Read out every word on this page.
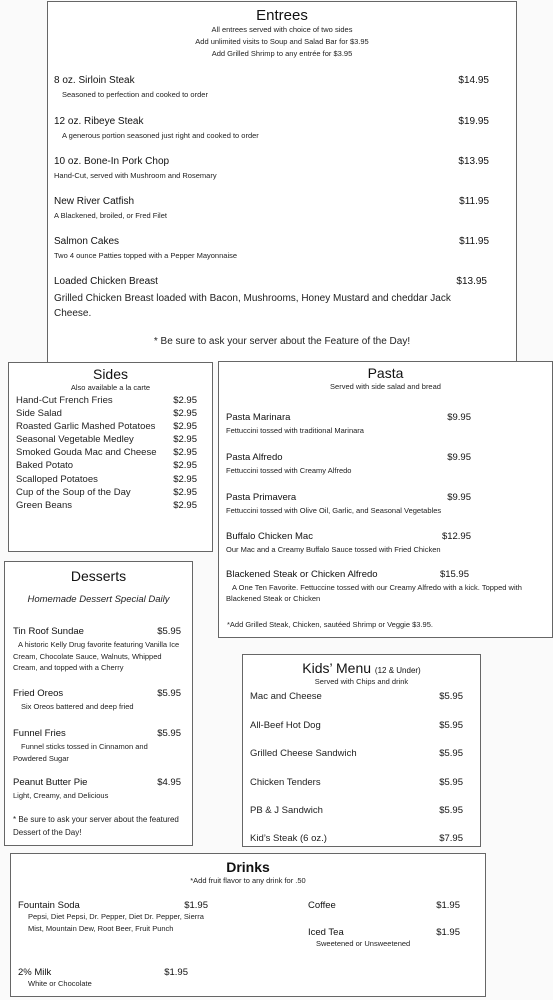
Entrees
All entrees served with choice of two sides
Add unlimited visits to Soup and Salad Bar for $3.95
Add Grilled Shrimp to any entrée for $3.95
8 oz. Sirloin Steak	$14.95
Seasoned to perfection and cooked to order
12 oz. Ribeye Steak	$19.95
A generous portion seasoned just right and cooked to order
10 oz. Bone-In Pork Chop	$13.95
Hand-Cut, served with Mushroom and Rosemary
New River Catfish	$11.95
A Blackened, broiled, or Fred Filet
Salmon Cakes	$11.95
Two 4 ounce Patties topped with a Pepper Mayonnaise
Loaded Chicken Breast	$13.95
Grilled Chicken Breast loaded with Bacon, Mushrooms, Honey Mustard and cheddar Jack Cheese.
* Be sure to ask your server about the Feature of the Day!
Sides
Also available a la carte
Hand-Cut French Fries	$2.95
Side Salad	$2.95
Roasted Garlic Mashed Potatoes $2.95
Seasonal Vegetable Medley	$2.95
Smoked Gouda Mac and Cheese $2.95
Baked Potato	$2.95
Scalloped Potatoes	$2.95
Cup of the Soup of the Day	$2.95
Green Beans	$2.95
Pasta
Served with side salad and bread
Pasta Marinara	$9.95
Fettuccini tossed with traditional Marinara
Pasta Alfredo	$9.95
Fettuccini tossed with Creamy Alfredo
Pasta Primavera	$9.95
Fettuccini tossed with Olive Oil, Garlic, and Seasonal Vegetables
Buffalo Chicken Mac	$12.95
Our Mac and a Creamy Buffalo Sauce tossed with Fried Chicken
Blackened Steak or Chicken Alfredo	$15.95
A One Ten Favorite. Fettuccine tossed with our Creamy Alfredo with a kick. Topped with Blackened Steak or Chicken
*Add Grilled Steak, Chicken, sautéed Shrimp or Veggie $3.95.
Desserts
Homemade Dessert Special Daily
Tin Roof Sundae	$5.95
A historic Kelly Drug favorite featuring Vanilla Ice Cream, Chocolate Sauce, Walnuts, Whipped Cream, and topped with a Cherry
Fried Oreos	$5.95
Six Oreos battered and deep fried
Funnel Fries	$5.95
Funnel sticks tossed in Cinnamon and Powdered Sugar
Peanut Butter Pie	$4.95
Light, Creamy, and Delicious
* Be sure to ask your server about the featured Dessert of the Day!
Kids’ Menu (12 & Under)
Served with Chips and drink
Mac and Cheese	$5.95
All-Beef Hot Dog	$5.95
Grilled Cheese Sandwich	$5.95
Chicken Tenders	$5.95
PB & J Sandwich	$5.95
Kid’s Steak (6 oz.)	$7.95
Drinks
*Add fruit flavor to any drink for .50
Fountain Soda	$1.95
Pepsi, Diet Pepsi, Dr. Pepper, Diet Dr. Pepper, Sierra Mist, Mountain Dew, Root Beer, Fruit Punch
2% Milk	$1.95
White or Chocolate
Coffee	$1.95
Iced Tea	$1.95
Sweetened or Unsweetened
